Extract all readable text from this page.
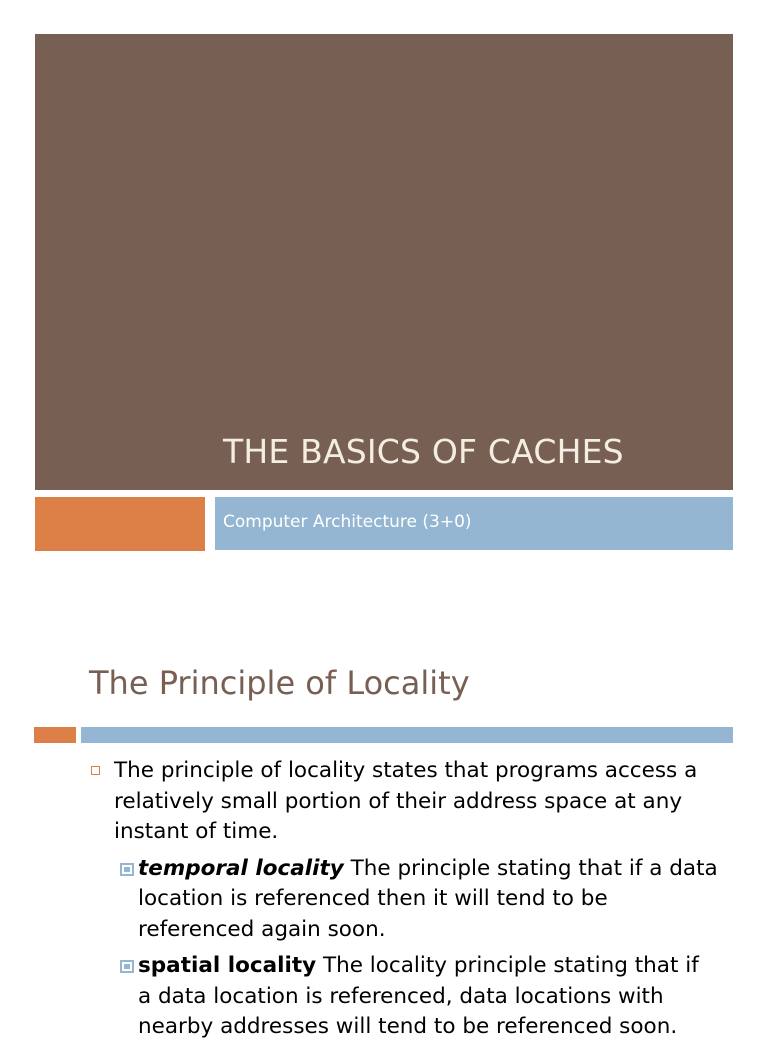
THE BASICS OF CACHES

Computer Architecture (3+0)

The Principle of Locality

The principle of locality states that programs access a relatively small portion of their address space at any instant of time.

temporal locality The principle stating that if a data location is referenced then it will tend to be referenced again soon.

spatial locality The locality principle stating that if a data location is referenced, data locations with nearby addresses will tend to be referenced soon.
